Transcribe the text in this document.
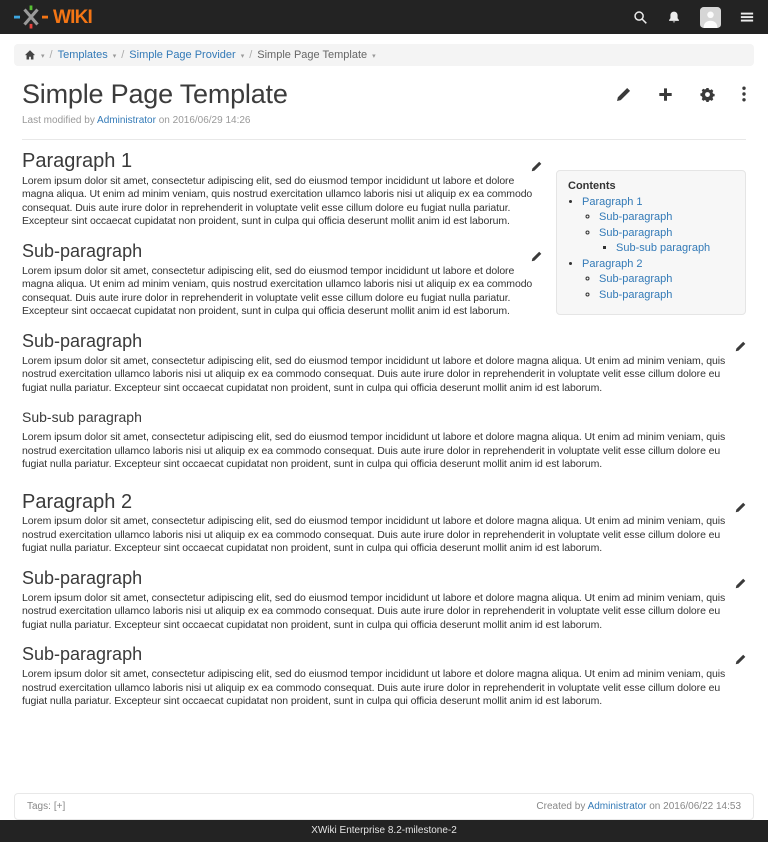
WIKI
▾ / Templates ▾ / Simple Page Provider ▾ / Simple Page Template ▾
Simple Page Template
Last modified by Administrator on 2016/06/29 14:26
Contents
• Paragraph 1
◦ Sub-paragraph
◦ Sub-paragraph
▪ Sub-sub paragraph
• Paragraph 2
◦ Sub-paragraph
◦ Sub-paragraph
Paragraph 1

Lorem ipsum dolor sit amet, consectetur adipiscing elit, sed do eiusmod tempor incididunt ut labore et dolore magna aliqua. Ut enim ad minim veniam, quis nostrud exercitation ullamco laboris nisi ut aliquip ex ea commodo consequat. Duis aute irure dolor in reprehenderit in voluptate velit esse cillum dolore eu fugiat nulla pariatur. Excepteur sint occaecat cupidatat non proident, sunt in culpa qui officia deserunt mollit anim id est laborum.

Sub-paragraph

Lorem ipsum dolor sit amet, consectetur adipiscing elit, sed do eiusmod tempor incididunt ut labore et dolore magna aliqua. Ut enim ad minim veniam, quis nostrud exercitation ullamco laboris nisi ut aliquip ex ea commodo consequat. Duis aute irure dolor in reprehenderit in voluptate velit esse cillum dolore eu fugiat nulla pariatur. Excepteur sint occaecat cupidatat non proident, sunt in culpa qui officia deserunt mollit anim id est laborum.

Sub-paragraph

Lorem ipsum dolor sit amet, consectetur adipiscing elit, sed do eiusmod tempor incididunt ut labore et dolore magna aliqua. Ut enim ad minim veniam, quis nostrud exercitation ullamco laboris nisi ut aliquip ex ea commodo consequat. Duis aute irure dolor in reprehenderit in voluptate velit esse cillum dolore eu fugiat nulla pariatur. Excepteur sint occaecat cupidatat non proident, sunt in culpa qui officia deserunt mollit anim id est laborum.

Sub-sub paragraph

Lorem ipsum dolor sit amet, consectetur adipiscing elit, sed do eiusmod tempor incididunt ut labore et dolore magna aliqua. Ut enim ad minim veniam, quis nostrud exercitation ullamco laboris nisi ut aliquip ex ea commodo consequat. Duis aute irure dolor in reprehenderit in voluptate velit esse cillum dolore eu fugiat nulla pariatur. Excepteur sint occaecat cupidatat non proident, sunt in culpa qui officia deserunt mollit anim id est laborum.

Paragraph 2

Lorem ipsum dolor sit amet, consectetur adipiscing elit, sed do eiusmod tempor incididunt ut labore et dolore magna aliqua. Ut enim ad minim veniam, quis nostrud exercitation ullamco laboris nisi ut aliquip ex ea commodo consequat. Duis aute irure dolor in reprehenderit in voluptate velit esse cillum dolore eu fugiat nulla pariatur. Excepteur sint occaecat cupidatat non proident, sunt in culpa qui officia deserunt mollit anim id est laborum.

Sub-paragraph

Lorem ipsum dolor sit amet, consectetur adipiscing elit, sed do eiusmod tempor incididunt ut labore et dolore magna aliqua. Ut enim ad minim veniam, quis nostrud exercitation ullamco laboris nisi ut aliquip ex ea commodo consequat. Duis aute irure dolor in reprehenderit in voluptate velit esse cillum dolore eu fugiat nulla pariatur. Excepteur sint occaecat cupidatat non proident, sunt in culpa qui officia deserunt mollit anim id est laborum.

Sub-paragraph

Lorem ipsum dolor sit amet, consectetur adipiscing elit, sed do eiusmod tempor incididunt ut labore et dolore magna aliqua. Ut enim ad minim veniam, quis nostrud exercitation ullamco laboris nisi ut aliquip ex ea commodo consequat. Duis aute irure dolor in reprehenderit in voluptate velit esse cillum dolore eu fugiat nulla pariatur. Excepteur sint occaecat cupidatat non proident, sunt in culpa qui officia deserunt mollit anim id est laborum.

Tags: [+]	Created by Administrator on 2016/06/22 14:53
XWiki Enterprise 8.2-milestone-2
